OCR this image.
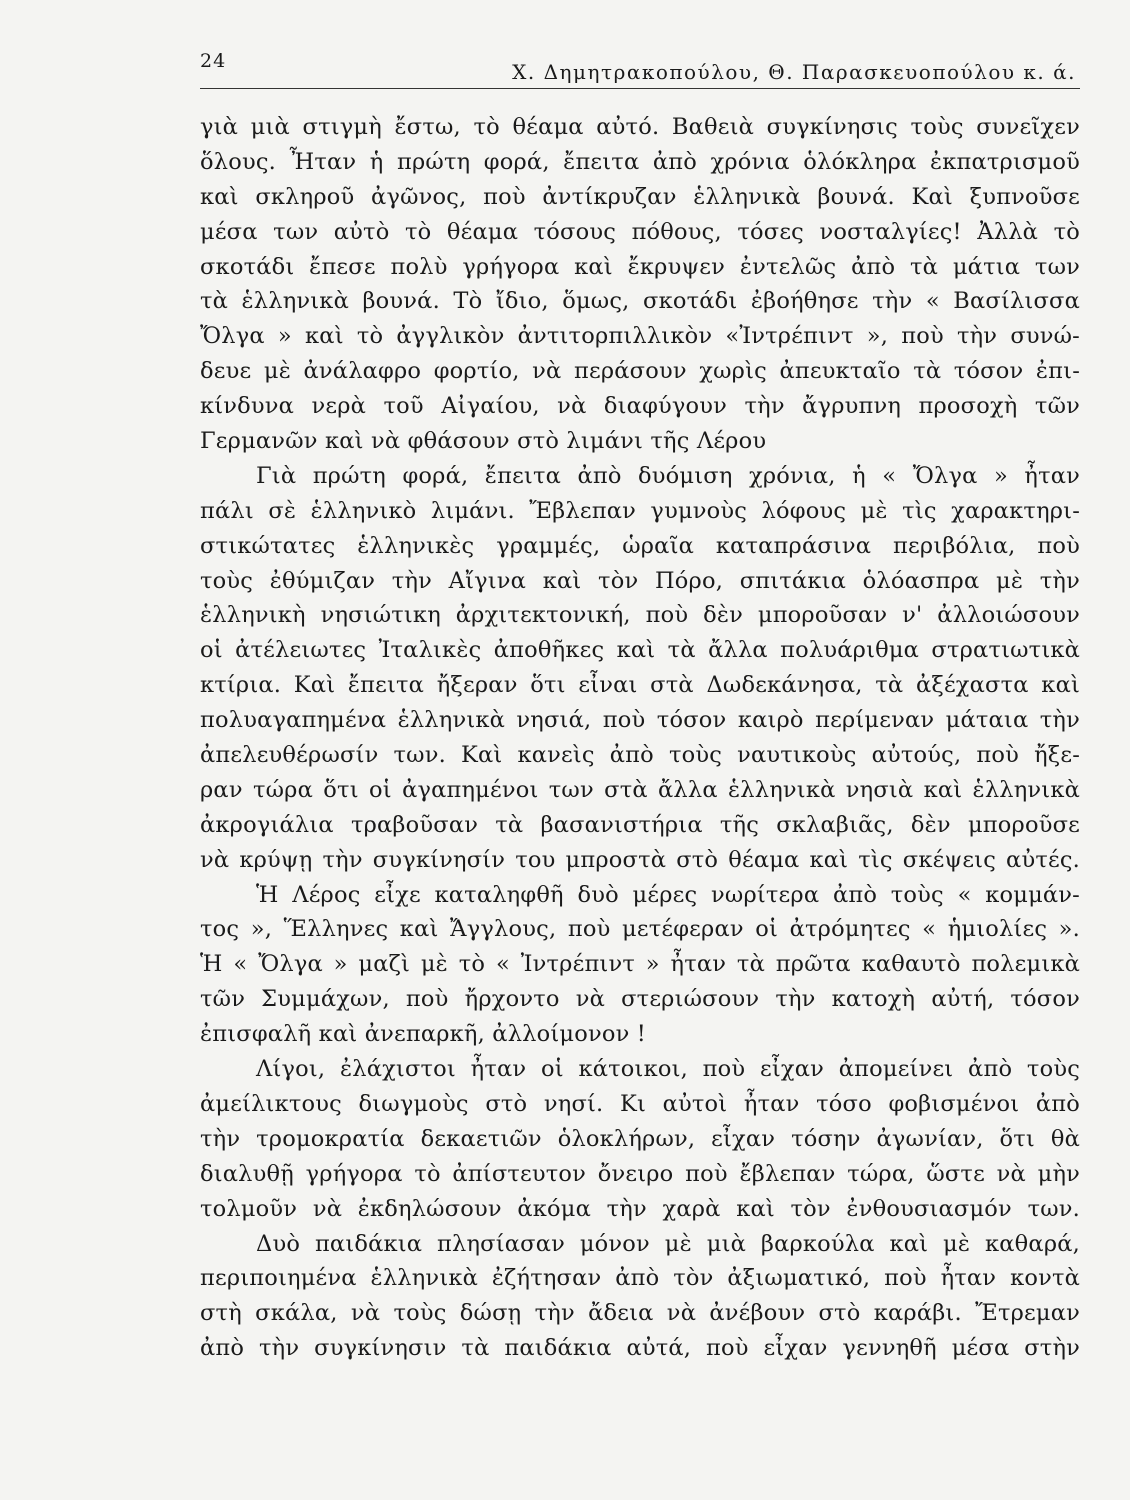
24	Χ. Δημητρακοπούλου, Θ. Παρασκευοπούλου κ. ά.
γιὰ μιὰ στιγμὴ ἔστω, τὸ θέαμα αὐτό. Βαθειὰ συγκίνησις τοὺς συνεῖχεν
ὅλους. Ἦταν ἡ πρώτη φορά, ἔπειτα ἀπὸ χρόνια ὁλόκληρα ἐκπατρισμοῦ
καὶ σκληροῦ ἀγῶνος, ποὺ ἀντίκρυζαν ἑλληνικὰ βουνά. Καὶ ξυπνοῦσε
μέσα των αὐτὸ τὸ θέαμα τόσους πόθους, τόσες νοσταλγίες! Ἀλλὰ τὸ
σκοτάδι ἔπεσε πολὺ γρήγορα καὶ ἔκρυψεν ἐντελῶς ἀπὸ τὰ μάτια των
τὰ ἑλληνικὰ βουνά. Τὸ ἴδιο, ὅμως, σκοτάδι ἐβοήθησε τὴν « Βασίλισσα
Ὄλγα » καὶ τὸ ἀγγλικὸν ἀντιτορπιλλικὸν «Ἰντρέπιντ », ποὺ τὴν συνώ-
δευε μὲ ἀνάλαφρο φορτίο, νὰ περάσουν χωρὶς ἀπευκταῖο τὰ τόσον ἐπι-
κίνδυνα νερὰ τοῦ Αἰγαίου, νὰ διαφύγουν τὴν ἄγρυπνη προσοχὴ τῶν
Γερμανῶν καὶ νὰ φθάσουν στὸ λιμάνι τῆς Λέρου
Γιὰ πρώτη φορά, ἔπειτα ἀπὸ δυόμιση χρόνια, ἡ « Ὄλγα » ἦταν
πάλι σὲ ἑλληνικὸ λιμάνι. Ἔβλεπαν γυμνοὺς λόφους μὲ τὶς χαρακτηρι-
στικώτατες ἑλληνικὲς γραμμές, ὡραῖα καταπράσινα περιβόλια, ποὺ
τοὺς ἐθύμιζαν τὴν Αἴγινα καὶ τὸν Πόρο, σπιτάκια ὁλόασπρα μὲ τὴν
ἑλληνικὴ νησιώτικη ἀρχιτεκτονική, ποὺ δὲν μποροῦσαν ν' ἀλλοιώσουν
οἱ ἀτέλειωτες Ἰταλικὲς ἀποθῆκες καὶ τὰ ἄλλα πολυάριθμα στρατιωτικὰ
κτίρια. Καὶ ἔπειτα ἤξεραν ὅτι εἶναι στὰ Δωδεκάνησα, τὰ ἀξέχαστα καὶ
πολυαγαπημένα ἑλληνικὰ νησιά, ποὺ τόσον καιρὸ περίμεναν μάταια τὴν
ἀπελευθέρωσίν των. Καὶ κανεὶς ἀπὸ τοὺς ναυτικοὺς αὐτούς, ποὺ ἤξε-
ραν τώρα ὅτι οἱ ἀγαπημένοι των στὰ ἄλλα ἑλληνικὰ νησιὰ καὶ ἑλληνικὰ
ἀκρογιάλια τραβοῦσαν τὰ βασανιστήρια τῆς σκλαβιᾶς, δὲν μποροῦσε
νὰ κρύψῃ τὴν συγκίνησίν του μπροστὰ στὸ θέαμα καὶ τὶς σκέψεις αὐτές.
Ἡ Λέρος εἶχε καταληφθῆ δυὸ μέρες νωρίτερα ἀπὸ τοὺς « κομμάν-
τος », Ἕλληνες καὶ Ἄγγλους, ποὺ μετέφεραν οἱ ἀτρόμητες « ἡμιολίες ».
Ἡ « Ὄλγα » μαζὶ μὲ τὸ « Ἰντρέπιντ » ἦταν τὰ πρῶτα καθαυτὸ πολεμικὰ
τῶν Συμμάχων, ποὺ ἤρχοντο νὰ στεριώσουν τὴν κατοχὴ αὐτή, τόσον
ἐπισφαλῆ καὶ ἀνεπαρκῆ, ἀλλοίμονον !
Λίγοι, ἐλάχιστοι ἦταν οἱ κάτοικοι, ποὺ εἶχαν ἀπομείνει ἀπὸ τοὺς
ἀμείλικτους διωγμοὺς στὸ νησί. Κι αὐτοὶ ἦταν τόσο φοβισμένοι ἀπὸ
τὴν τρομοκρατία δεκαετιῶν ὁλοκλήρων, εἶχαν τόσην ἀγωνίαν, ὅτι θὰ
διαλυθῇ γρήγορα τὸ ἀπίστευτον ὄνειρο ποὺ ἔβλεπαν τώρα, ὥστε νὰ μὴν
τολμοῦν νὰ ἐκδηλώσουν ἀκόμα τὴν χαρὰ καὶ τὸν ἐνθουσιασμόν των.
Δυὸ παιδάκια πλησίασαν μόνον μὲ μιὰ βαρκούλα καὶ μὲ καθαρά,
περιποιημένα ἑλληνικὰ ἐζήτησαν ἀπὸ τὸν ἀξιωματικό, ποὺ ἦταν κοντὰ
στὴ σκάλα, νὰ τοὺς δώσῃ τὴν ἄδεια νὰ ἀνέβουν στὸ καράβι. Ἔτρεμαν
ἀπὸ τὴν συγκίνησιν τὰ παιδάκια αὐτά, ποὺ εἶχαν γεννηθῆ μέσα στὴν
